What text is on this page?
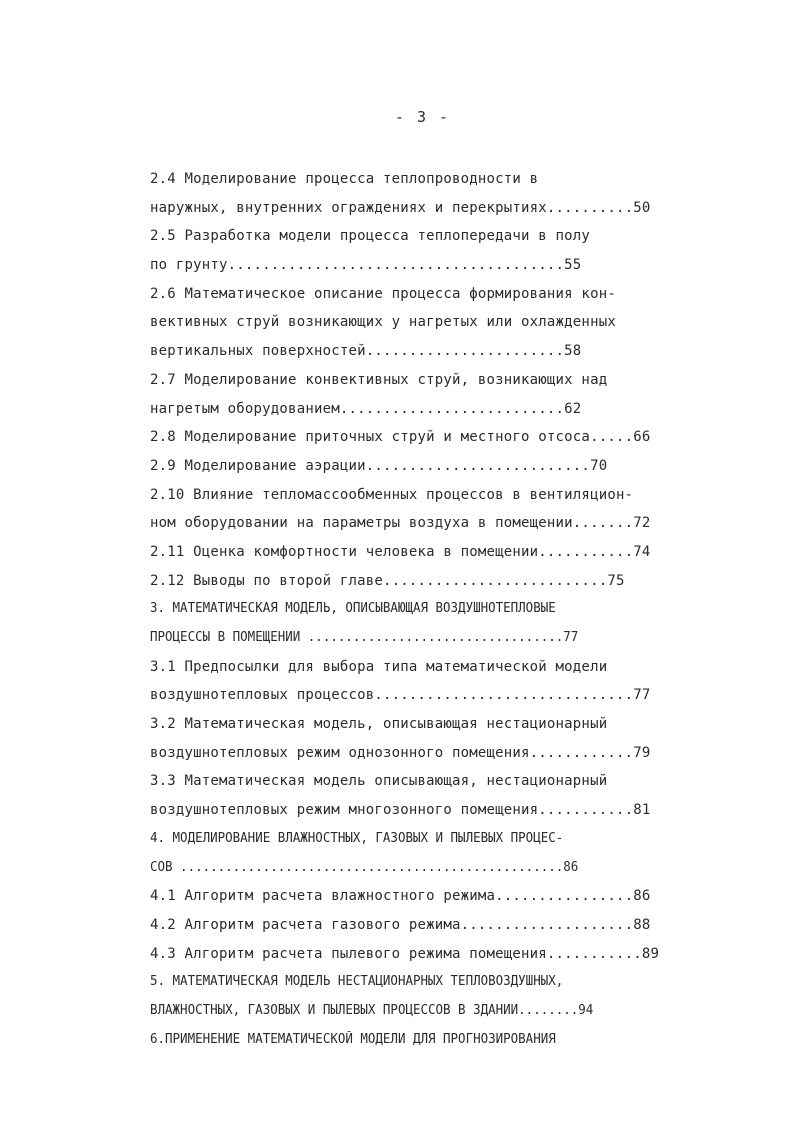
- 3 -
2.4 Моделирование процесса теплопроводности в
наружных, внутренних ограждениях и перекрытиях..........50
2.5 Разработка модели процесса теплопередачи в полу
по грунту.......................................55
2.6 Математическое описание процесса формирования кон-
вективных струй возникающих у нагретых или охлажденных
вертикальных поверхностей.......................58
2.7 Моделирование конвективных струй, возникающих над
нагретым оборудованием..........................62
2.8 Моделирование приточных струй и местного отсоса.....66
2.9 Моделирование аэрации..........................70
2.10 Влияние тепломассообменных процессов в вентиляцион-
ном оборудовании на параметры воздуха в помещении.......72
2.11 Оценка комфортности человека в помещении...........74
2.12 Выводы по второй главе..........................75
3. МАТЕМАТИЧЕСКАЯ МОДЕЛЬ, ОПИСЫВАЮЩАЯ ВОЗДУШНОТЕПЛОВЫЕ
ПРОЦЕССЫ В ПОМЕЩЕНИИ ..................................77
3.1 Предпосылки для выбора типа математической модели
воздушнотепловых процессов..............................77
3.2 Математическая модель, описывающая нестационарный
воздушнотепловых режим однозонного помещения............79
3.3 Математическая модель описывающая, нестационарный
воздушнотепловых режим многозонного помещения...........81
4. МОДЕЛИРОВАНИЕ ВЛАЖНОСТНЫХ, ГАЗОВЫХ И ПЫЛЕВЫХ ПРОЦЕС-
СОВ ...................................................86
4.1 Алгоритм расчета влажностного режима................86
4.2 Алгоритм расчета газового режима....................88
4.3 Алгоритм расчета пылевого режима помещения...........89
5. МАТЕМАТИЧЕСКАЯ МОДЕЛЬ НЕСТАЦИОНАРНЫХ ТЕПЛОВОЗДУШНЫХ,
ВЛАЖНОСТНЫХ, ГАЗОВЫХ И ПЫЛЕВЫХ ПРОЦЕССОВ В ЗДАНИИ........94
6.ПРИМЕНЕНИЕ МАТЕМАТИЧЕСКОЙ МОДЕЛИ ДЛЯ ПРОГНОЗИРОВАНИЯ
